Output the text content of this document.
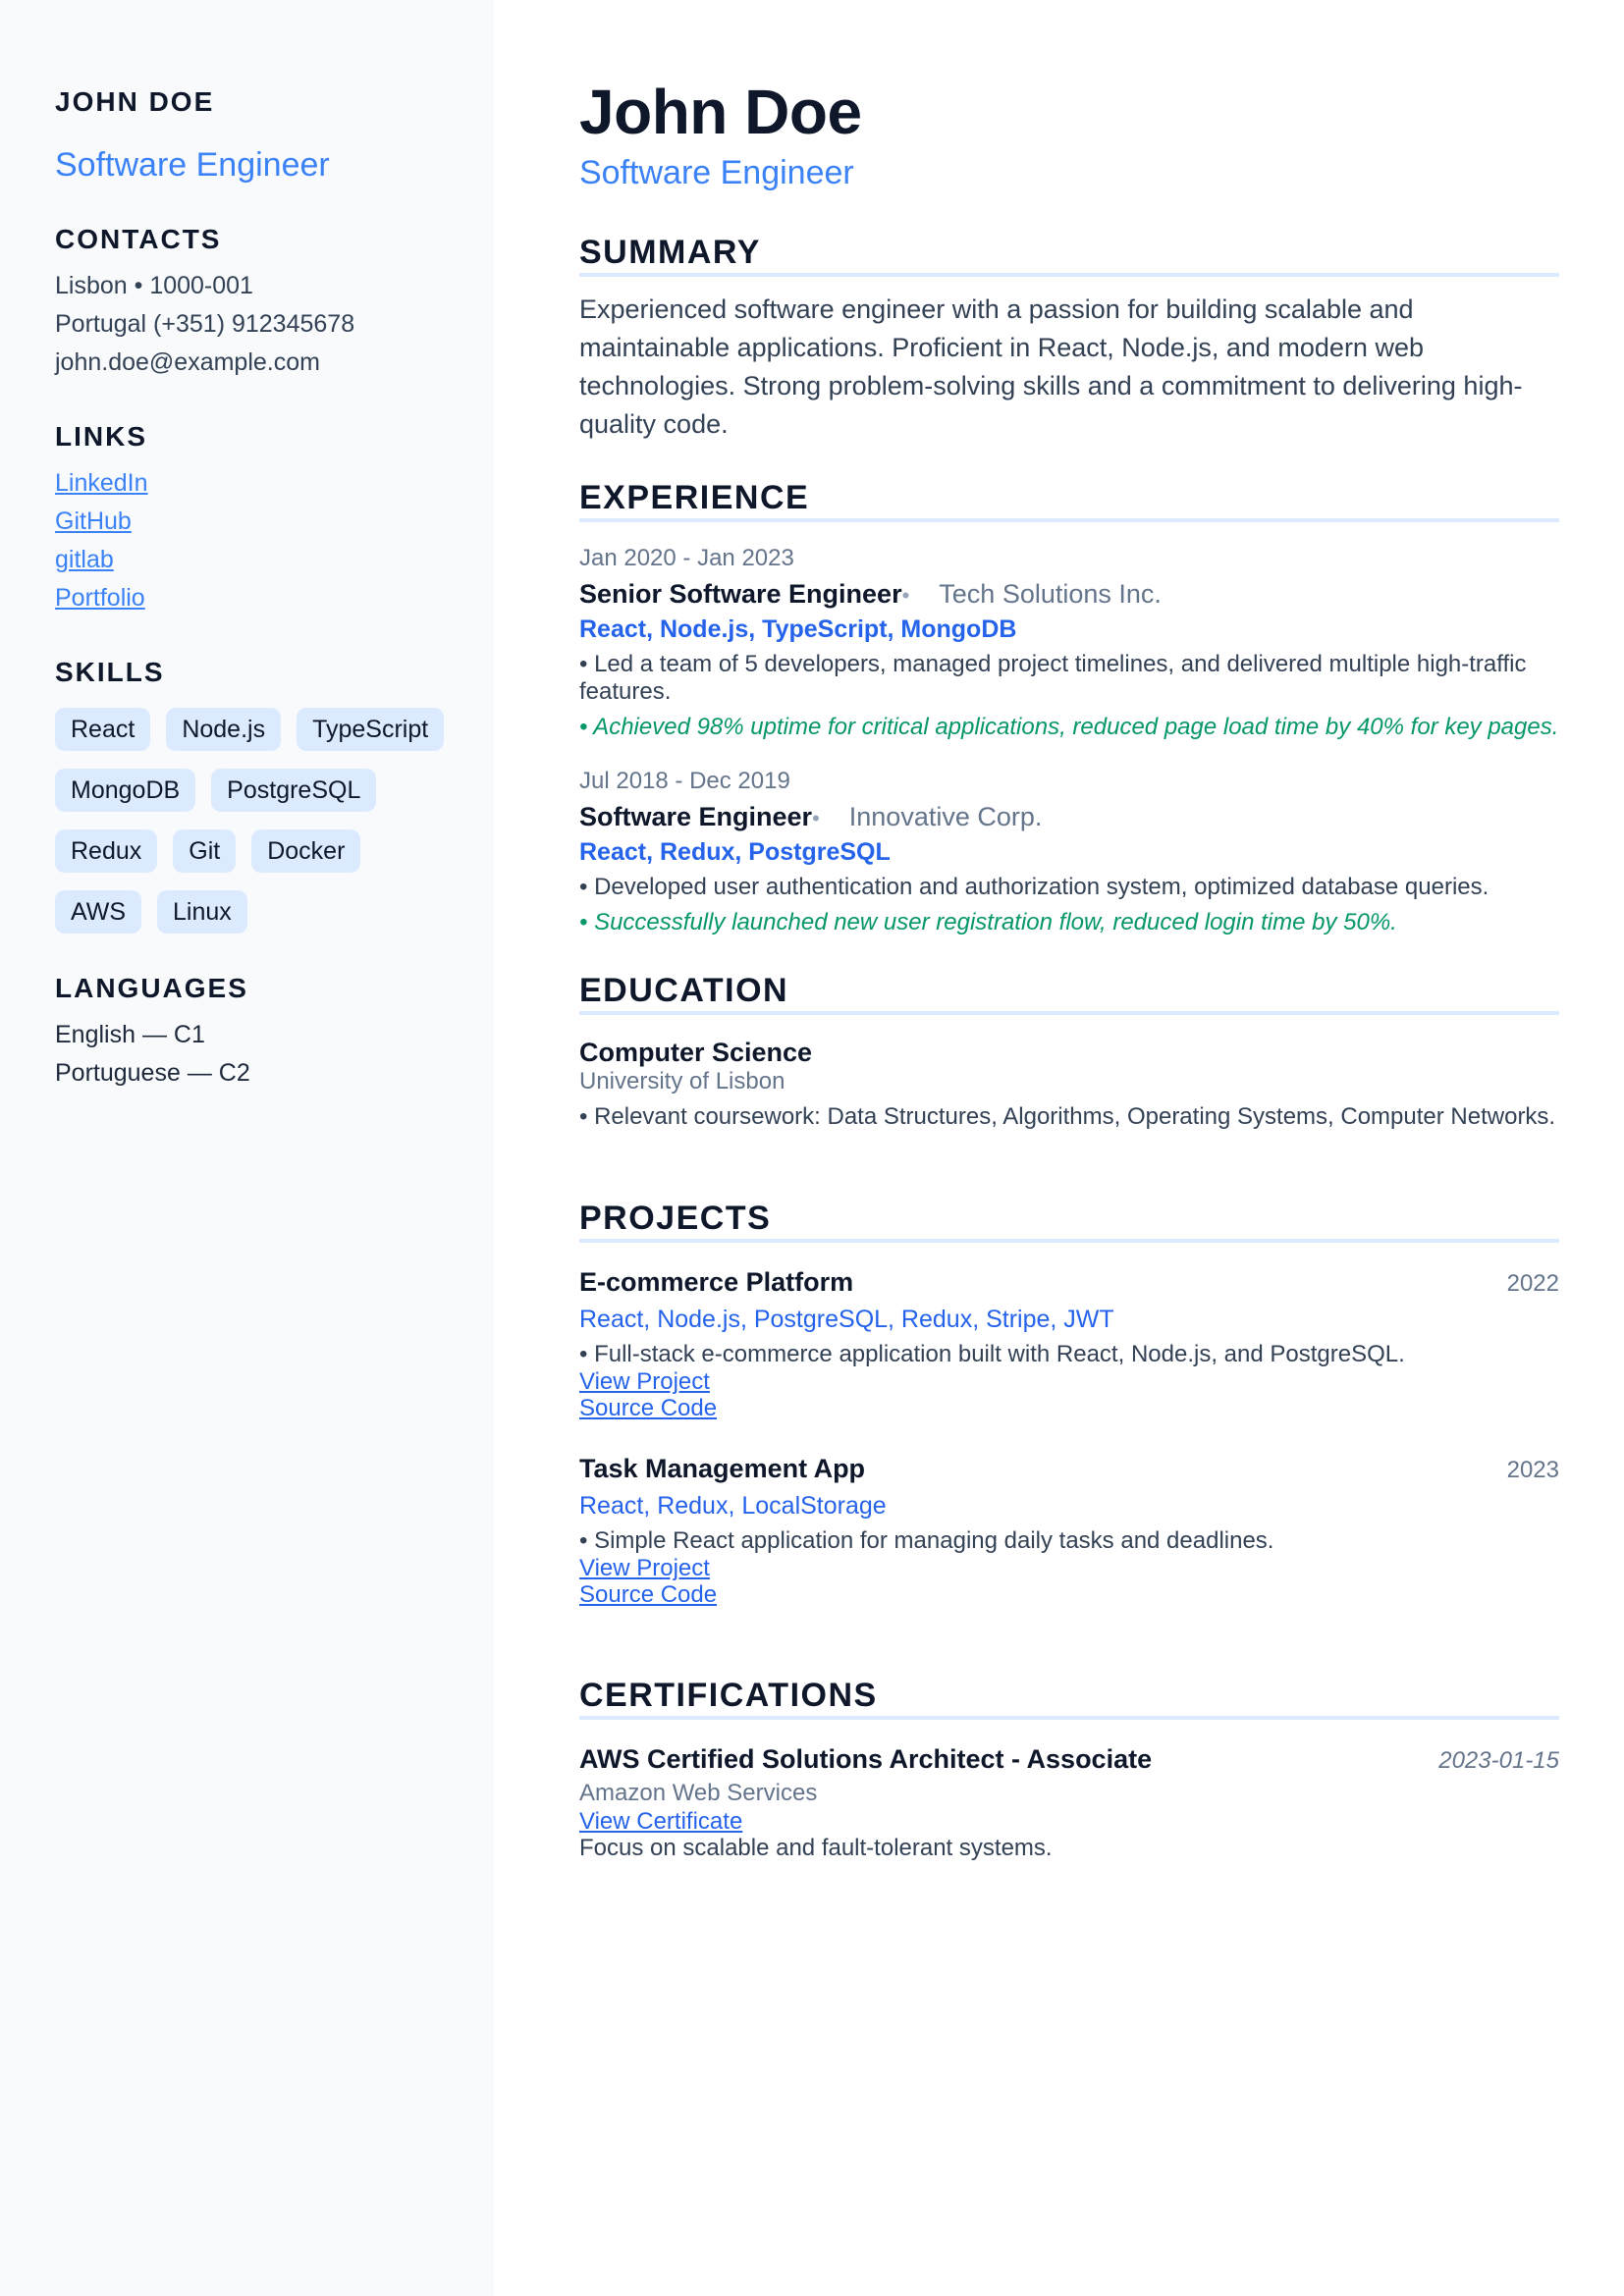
JOHN DOE
Software Engineer
CONTACTS
Lisbon • 1000-001
Portugal (+351) 912345678
john.doe@example.com
LINKS
LinkedIn
GitHub
gitlab
Portfolio
SKILLS
React	Node.js	TypeScript
MongoDB	PostgreSQL
Redux	Git	Docker
AWS	Linux
LANGUAGES
English — C1
Portuguese — C2
John Doe
Software Engineer
SUMMARY

Experienced software engineer with a passion for building scalable and maintainable applications. Proficient in React, Node.js, and modern web technologies. Strong problem-solving skills and a commitment to delivering high-quality code.

EXPERIENCE
Jan 2020 - Jan 2023
Senior Software Engineer• Tech Solutions Inc.
React, Node.js, TypeScript, MongoDB
• Led a team of 5 developers, managed project timelines, and delivered multiple high-traffic features.
• Achieved 98% uptime for critical applications, reduced page load time by 40% for key pages.
Jul 2018 - Dec 2019
Software Engineer• Innovative Corp.
React, Redux, PostgreSQL
• Developed user authentication and authorization system, optimized database queries.
• Successfully launched new user registration flow, reduced login time by 50%.
EDUCATION
Computer Science
University of Lisbon
• Relevant coursework: Data Structures, Algorithms, Operating Systems, Computer Networks.
PROJECTS
E-commerce Platform	2022
React, Node.js, PostgreSQL, Redux, Stripe, JWT
• Full-stack e-commerce application built with React, Node.js, and PostgreSQL.
View Project
Source Code
Task Management App	2023
React, Redux, LocalStorage
• Simple React application for managing daily tasks and deadlines.
View Project
Source Code
CERTIFICATIONS
AWS Certified Solutions Architect - Associate	2023-01-15
Amazon Web Services
View Certificate
Focus on scalable and fault-tolerant systems.
